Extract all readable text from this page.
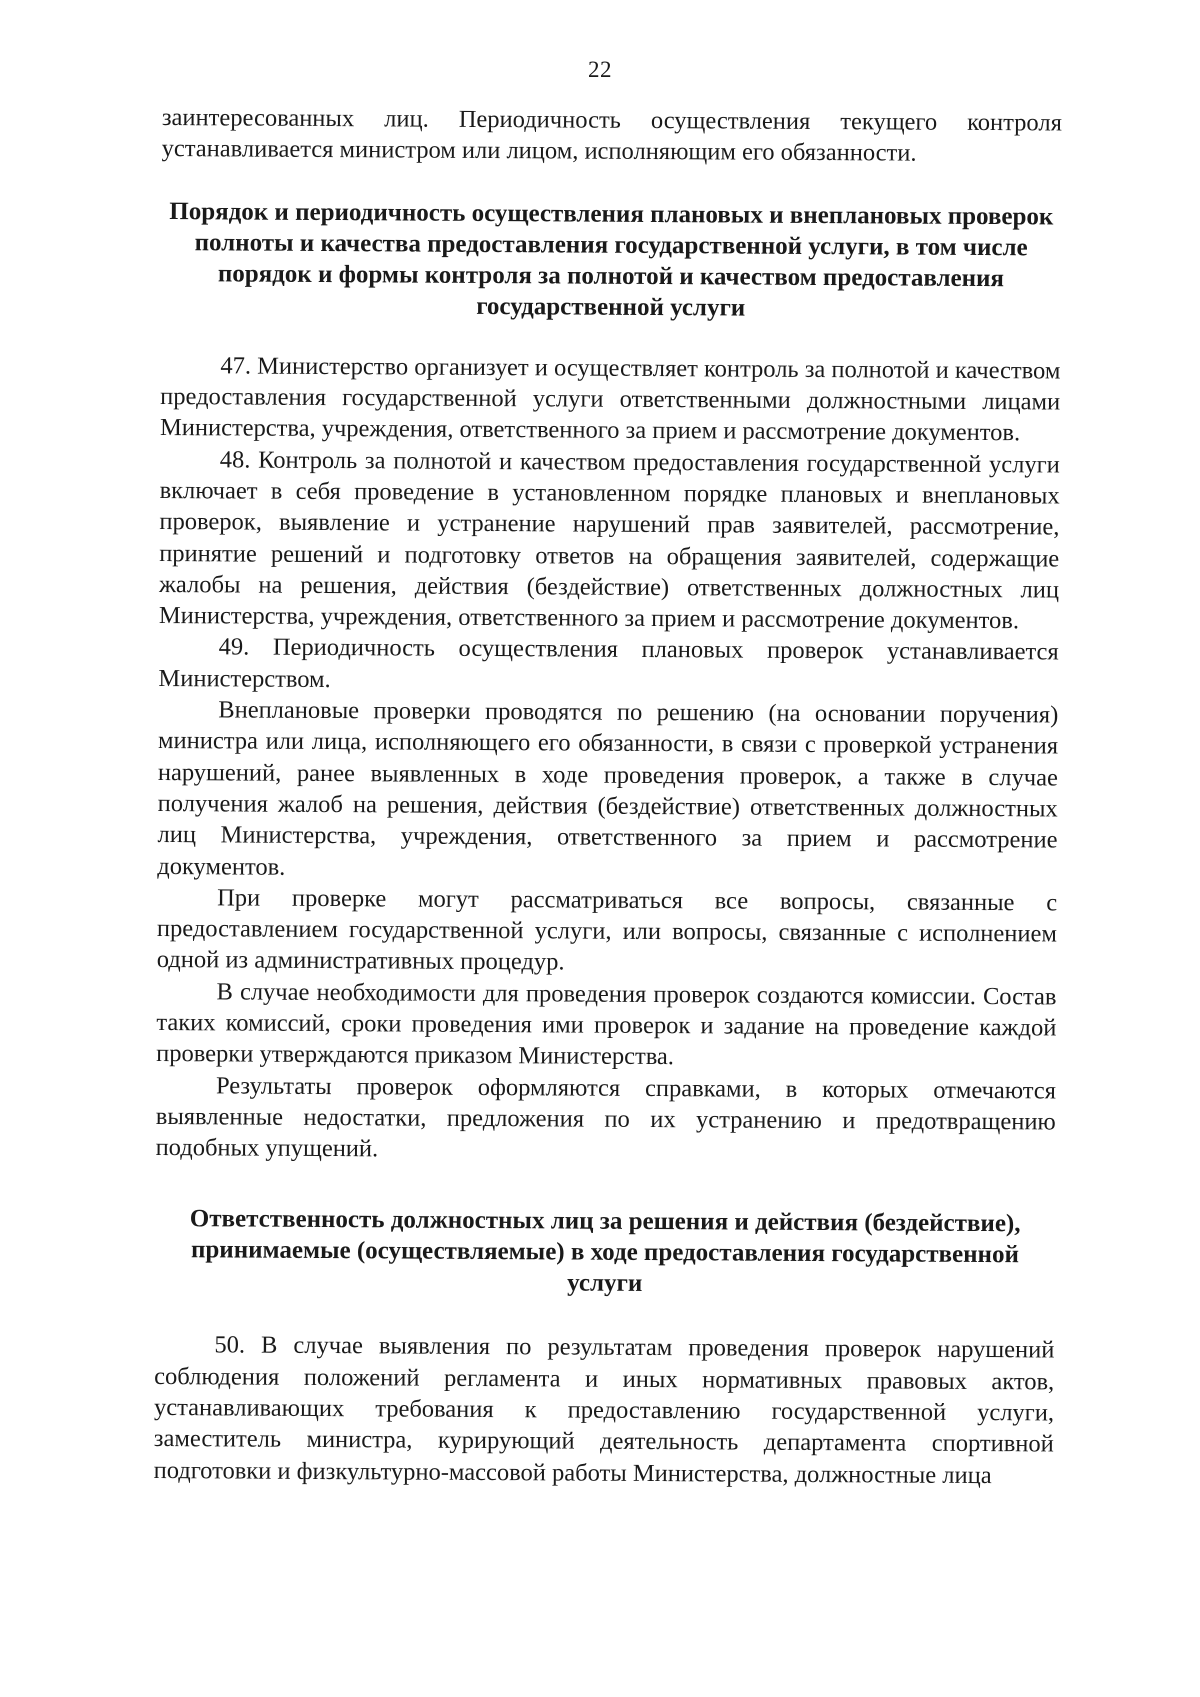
22

заинтересованных лиц. Периодичность осуществления текущего контроля устанавливается министром или лицом, исполняющим его обязанности.

Порядок и периодичность осуществления плановых и внеплановых проверок полноты и качества предоставления государственной услуги, в том числе порядок и формы контроля за полнотой и качеством предоставления государственной услуги

47. Министерство организует и осуществляет контроль за полнотой и качеством предоставления государственной услуги ответственными должностными лицами Министерства, учреждения, ответственного за прием и рассмотрение документов.

48. Контроль за полнотой и качеством предоставления государственной услуги включает в себя проведение в установленном порядке плановых и внеплановых проверок, выявление и устранение нарушений прав заявителей, рассмотрение, принятие решений и подготовку ответов на обращения заявителей, содержащие жалобы на решения, действия (бездействие) ответственных должностных лиц Министерства, учреждения, ответственного за прием и рассмотрение документов.

49. Периодичность осуществления плановых проверок устанавливается Министерством.

Внеплановые проверки проводятся по решению (на основании поручения) министра или лица, исполняющего его обязанности, в связи с проверкой устранения нарушений, ранее выявленных в ходе проведения проверок, а также в случае получения жалоб на решения, действия (бездействие) ответственных должностных лиц Министерства, учреждения, ответственного за прием и рассмотрение документов.

При проверке могут рассматриваться все вопросы, связанные с предоставлением государственной услуги, или вопросы, связанные с исполнением одной из административных процедур.

В случае необходимости для проведения проверок создаются комиссии. Состав таких комиссий, сроки проведения ими проверок и задание на проведение каждой проверки утверждаются приказом Министерства.

Результаты проверок оформляются справками, в которых отмечаются выявленные недостатки, предложения по их устранению и предотвращению подобных упущений.

Ответственность должностных лиц за решения и действия (бездействие), принимаемые (осуществляемые) в ходе предоставления государственной услуги

50. В случае выявления по результатам проведения проверок нарушений соблюдения положений регламента и иных нормативных правовых актов, устанавливающих требования к предоставлению государственной услуги, заместитель министра, курирующий деятельность департамента спортивной подготовки и физкультурно-массовой работы Министерства, должностные лица
